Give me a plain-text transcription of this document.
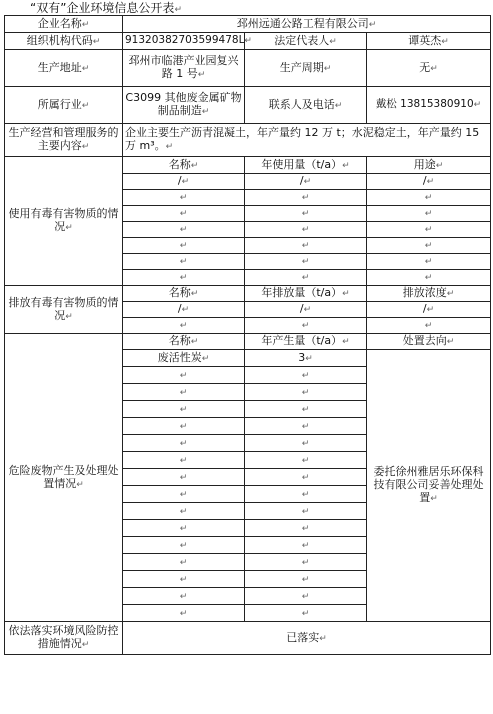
“双有”企业环境信息公开表↵
企业名称↵	邳州远通公路工程有限公司↵		
组织机构代码↵	91320382703599478L↵	法定代表人↵	谭英杰↵
生产地址↵	邳州市临港产业园复兴路 1 号↵	生产周期↵	无↵
所属行业↵	C3099 其他废金属矿物制品制造↵	联系人及电话↵	戴松 13815380910↵
生产经营和管理服务的主要内容↵	企业主要生产沥青混凝土，年产量约 12 万 t；水泥稳定土，年产量约 15 万 m³。↵		
使用有毒有害物质的情况↵	名称↵	年使用量（t/a）↵	用途↵
	/↵	/↵	/↵
	↵	↵	↵
	↵	↵	↵
	↵	↵	↵
	↵	↵	↵
	↵	↵	↵
	↵	↵	↵
排放有毒有害物质的情况↵	名称↵	年排放量（t/a）↵	排放浓度↵
	/↵	/↵	/↵
	↵	↵	↵
危险废物产生及处理处置情况↵	名称↵	年产生量（t/a）↵	处置去向↵
	废活性炭↵	3↵	委托徐州雅居乐环保科技有限公司妥善处理处置↵
	↵	↵	
	↵	↵	
	↵	↵	
	↵	↵	
	↵	↵	
	↵	↵	
	↵	↵	
	↵	↵	
	↵	↵	
	↵	↵	
	↵	↵	
	↵	↵	
	↵	↵	
	↵	↵	
	↵	↵	
依法落实环境风险防控措施情况↵	已落实↵		
